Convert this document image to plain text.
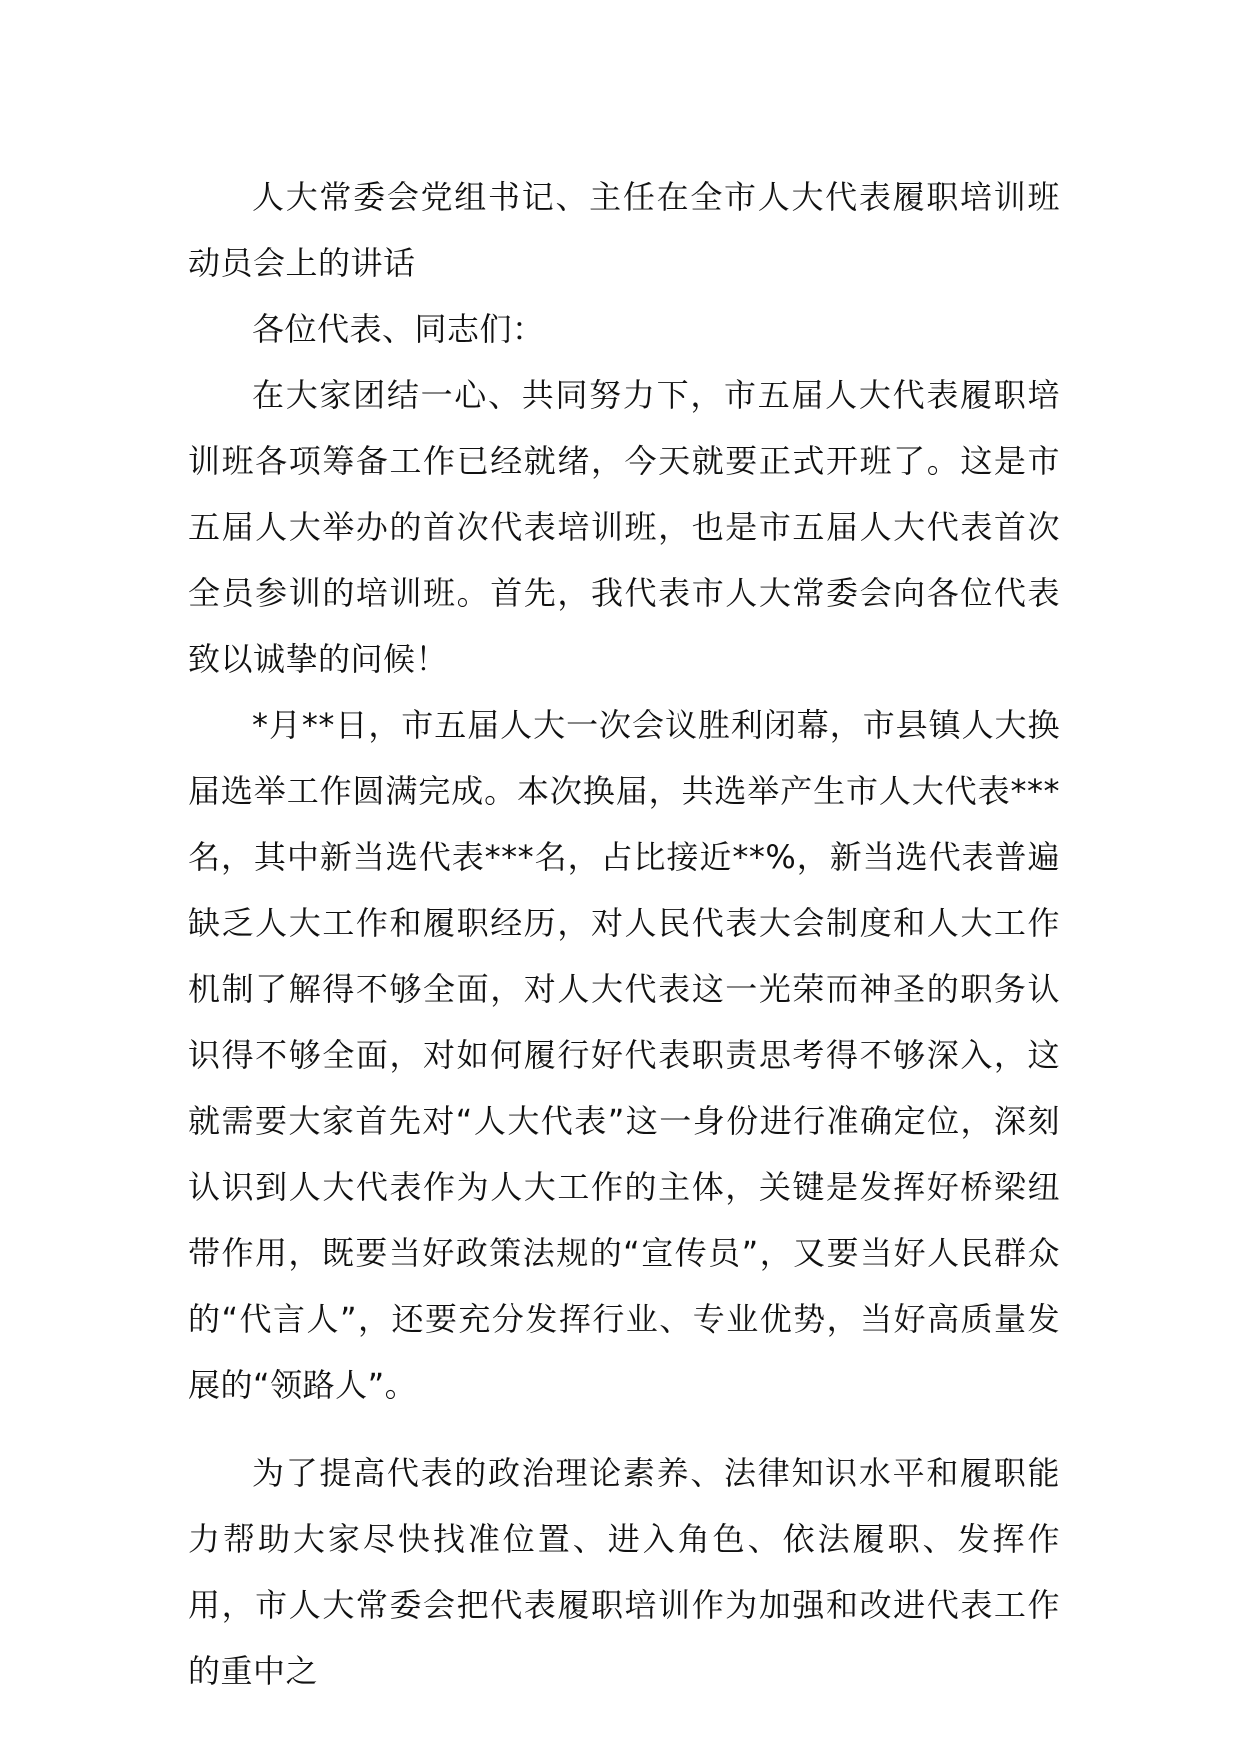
人大常委会党组书记、主任在全市人大代表履职培训班动员会上的讲话

各位代表、同志们：

在大家团结一心、共同努力下，市五届人大代表履职培训班各项筹备工作已经就绪，今天就要正式开班了。这是市五届人大举办的首次代表培训班，也是市五届人大代表首次全员参训的培训班。首先，我代表市人大常委会向各位代表致以诚挚的问候！

*月**日，市五届人大一次会议胜利闭幕，市县镇人大换届选举工作圆满完成。本次换届，共选举产生市人大代表***名，其中新当选代表***名，占比接近**%，新当选代表普遍缺乏人大工作和履职经历，对人民代表大会制度和人大工作机制了解得不够全面，对人大代表这一光荣而神圣的职务认识得不够全面，对如何履行好代表职责思考得不够深入，这就需要大家首先对“人大代表”这一身份进行准确定位，深刻认识到人大代表作为人大工作的主体，关键是发挥好桥梁纽带作用，既要当好政策法规的“宣传员”，又要当好人民群众的“代言人”，还要充分发挥行业、专业优势，当好高质量发展的“领路人”。

为了提高代表的政治理论素养、法律知识水平和履职能力帮助大家尽快找准位置、进入角色、依法履职、发挥作用，市人大常委会把代表履职培训作为加强和改进代表工作的重中之
